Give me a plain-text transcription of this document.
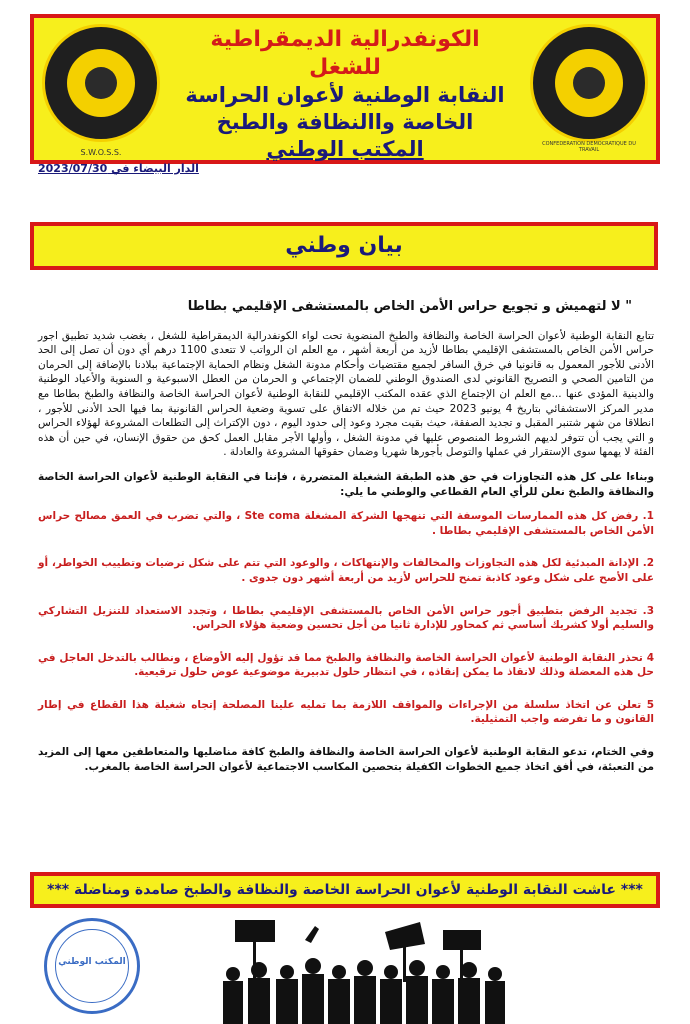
S.W.O.S.S.
الكونفدرالية الديمقراطية للشغل
النقابة الوطنية لأعوان الحراسة
الخاصة واالنظافة والطبخ
المكتب الوطني	CONFEDERATION DEMOCRATIQUE DU TRAVAIL
الدار البيضاء في 2023/07/30
بيان وطني
" لا لتهميش و تجويع حراس الأمن الخاص بالمستشفى الإقليمي بطاطا

تتابع النقابة الوطنية لأعوان الحراسة الخاصة والنظافة والطبخ المنضوية تحت لواء الكونفدرالية الديمقراطية للشغل ، بغضب شديد تطبيق اجور حراس الأمن الخاص بالمستشفى الإقليمي بطاطا لأزيد من أربعة أشهر ، مع العلم ان الرواتب لا تتعدى 1100 درهم أي دون أن تصل إلى الحد الأدنى للأجور المعمول به قانونيا في خرق السافر لجميع مقتضيات وأحكام مدونة الشغل ونظام الحماية الإجتماعية ببلادنا بالإضافة إلى الحرمان من التامين الصحي و التصريح القانوني لدى الصندوق الوطني للضمان الإجتماعي و الحرمان من العطل الاسبوعية و السنوية والأعياد الوطنية والدينية المؤدى عنها ...مع العلم ان الإجتماع الذي عقده المكتب الإقليمي للنقابة الوطنية لأعوان الحراسة الخاصة والنظافة والطبخ بطاطا مع مدير المركز الاستشفائي بتاريخ 4 يونيو 2023 حيث تم من خلاله الاتفاق على تسوية وضعية الحراس القانونية بما فيها الحد الأدنى للأجور ، انطلاقا من شهر شتنبر المقبل و تجديد الصفقة، حيث بقيت مجرد وعود إلى حدود اليوم ، دون الإكتراث إلى التطلعات المشروعة لهؤلاء الحراس و التي يجب أن تتوفر لديهم الشروط المنصوص عليها في مدونة الشغل ، وأولها الأجر مقابل العمل كحق من حقوق الإنسان، في حين أن هذه الفئة لا يهمها سوى الإستقرار في عملها والتوصل بأجورها شهريا وضمان حقوقها المشروعة والعادلة .

وبناءا على كل هذه التجاوزات في حق هذه الطبقة الشغيلة المتضررة ، فإننا في النقابة الوطنية لأعوان الحراسة الخاصة والنظافة والطبخ نعلن للرأي العام القطاعي والوطني ما يلي:

1. رفض كل هذه الممارسات الموسفة التي تنهجها الشركة المشغلة Ste coma ، والتي تضرب في العمق مصالح حراس الأمن الخاص بالمستشفى الإقليمي بطاطا .

2. الإدانة المبدئية لكل هذه التجاوزات والمخالفات والإنتهاكات ، والوعود التي تتم على شكل ترضيات وتطييب الخواطر، أو على الأصح على شكل وعود كاذبة تمنح للحراس لأزيد من أربعة أشهر دون جدوى .

3. تجديد الرفض بتطبيق أجور حراس الأمن الخاص بالمستشفى الإقليمي بطاطا ، وتجدد الاستعداد للتنزيل التشاركي والسليم أولا كشريك أساسي ثم كمحاور للإدارة ثانيا من أجل تحسين وضعية هؤلاء الحراس.

4 تحذر النقابة الوطنية لأعوان الحراسة الخاصة والنظافة والطبخ مما قد تؤول إليه الأوضاع ، ونطالب بالتدخل العاجل في حل هذه المعضلة وذلك لانقاذ ما يمكن إنقاذه ، في انتظار حلول تدبيرية موضوعية عوض حلول ترقيعية.

5 تعلن عن اتخاذ سلسلة من الإجراءات والمواقف اللازمة بما تمليه علينا المصلحة إتجاه شغيلة هذا القطاع في إطار القانون و ما تفرضه واجب التمثيلية.

وفي الختام، تدعو النقابة الوطنية لأعوان الحراسة الخاصة والنظافة والطبخ كافة مناضليها والمتعاطفين معها إلى المزيد من التعبئة، في أفق اتخاذ جميع الخطوات الكفيلة بتحصين المكاسب الاجتماعية لأعوان الحراسة الخاصة بالمغرب.

*** عاشت النقابة الوطنية لأعوان الحراسة الخاصة والنظافة والطبخ صامدة ومناضلة ***
المكتب الوطني
